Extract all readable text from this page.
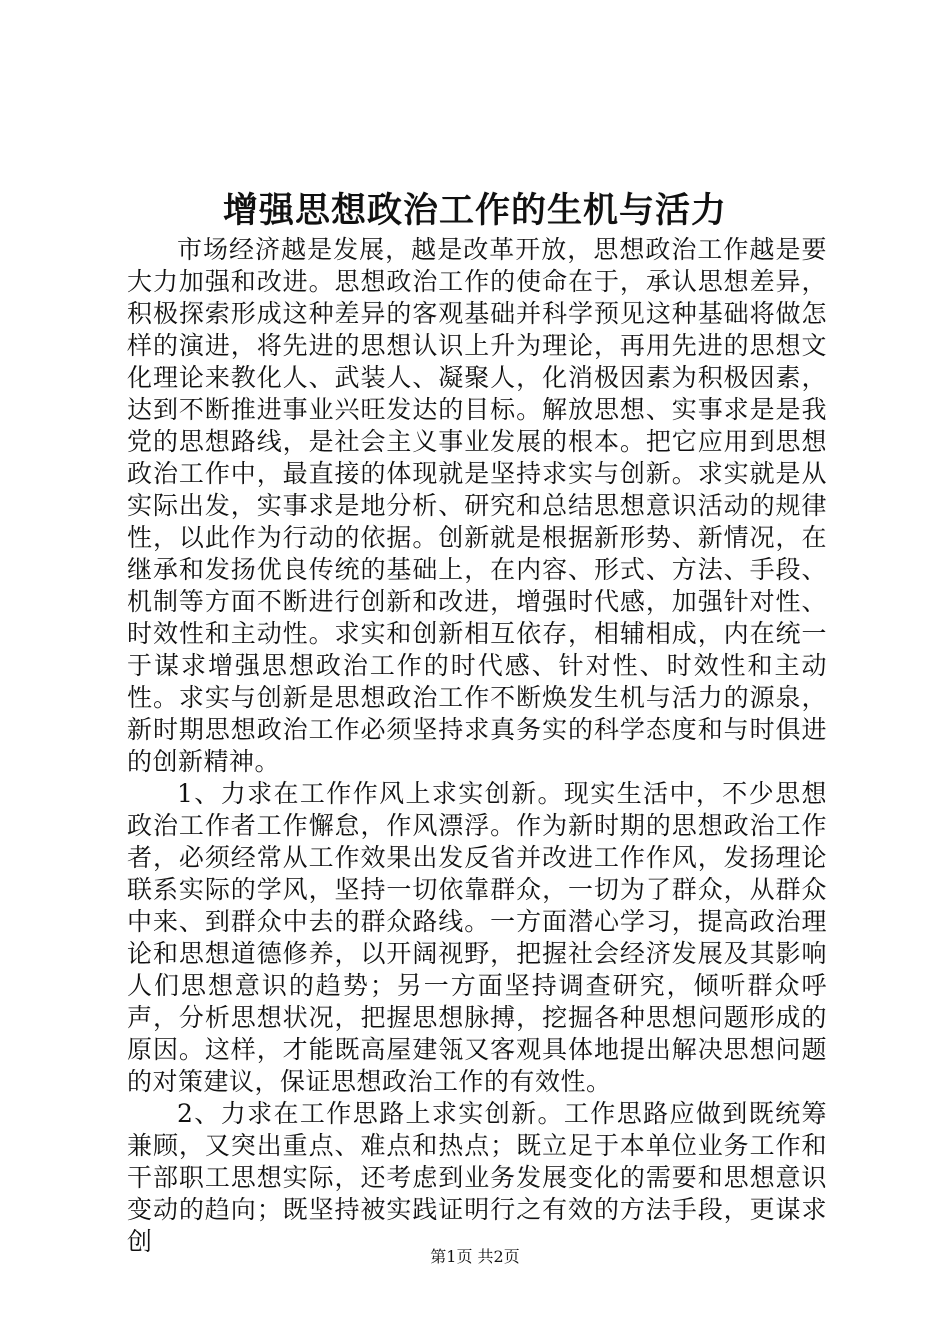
增强思想政治工作的生机与活力

市场经济越是发展，越是改革开放，思想政治工作越是要大力加强和改进。思想政治工作的使命在于，承认思想差异，积极探索形成这种差异的客观基础并科学预见这种基础将做怎样的演进，将先进的思想认识上升为理论，再用先进的思想文化理论来教化人、武装人、凝聚人，化消极因素为积极因素，达到不断推进事业兴旺发达的目标。解放思想、实事求是是我党的思想路线，是社会主义事业发展的根本。把它应用到思想政治工作中，最直接的体现就是坚持求实与创新。求实就是从实际出发，实事求是地分析、研究和总结思想意识活动的规律性，以此作为行动的依据。创新就是根据新形势、新情况，在继承和发扬优良传统的基础上，在内容、形式、方法、手段、机制等方面不断进行创新和改进，增强时代感，加强针对性、时效性和主动性。求实和创新相互依存，相辅相成，内在统一于谋求增强思想政治工作的时代感、针对性、时效性和主动性。求实与创新是思想政治工作不断焕发生机与活力的源泉，新时期思想政治工作必须坚持求真务实的科学态度和与时俱进的创新精神。

1、力求在工作作风上求实创新。现实生活中，不少思想政治工作者工作懈怠，作风漂浮。作为新时期的思想政治工作者，必须经常从工作效果出发反省并改进工作作风，发扬理论联系实际的学风，坚持一切依靠群众，一切为了群众，从群众中来、到群众中去的群众路线。一方面潜心学习，提高政治理论和思想道德修养，以开阔视野，把握社会经济发展及其影响人们思想意识的趋势；另一方面坚持调查研究，倾听群众呼声，分析思想状况，把握思想脉搏，挖掘各种思想问题形成的原因。这样，才能既高屋建瓴又客观具体地提出解决思想问题的对策建议，保证思想政治工作的有效性。

2、力求在工作思路上求实创新。工作思路应做到既统筹兼顾，又突出重点、难点和热点；既立足于本单位业务工作和干部职工思想实际，还考虑到业务发展变化的需要和思想意识变动的趋向；既坚持被实践证明行之有效的方法手段，更谋求创

第1页 共2页
